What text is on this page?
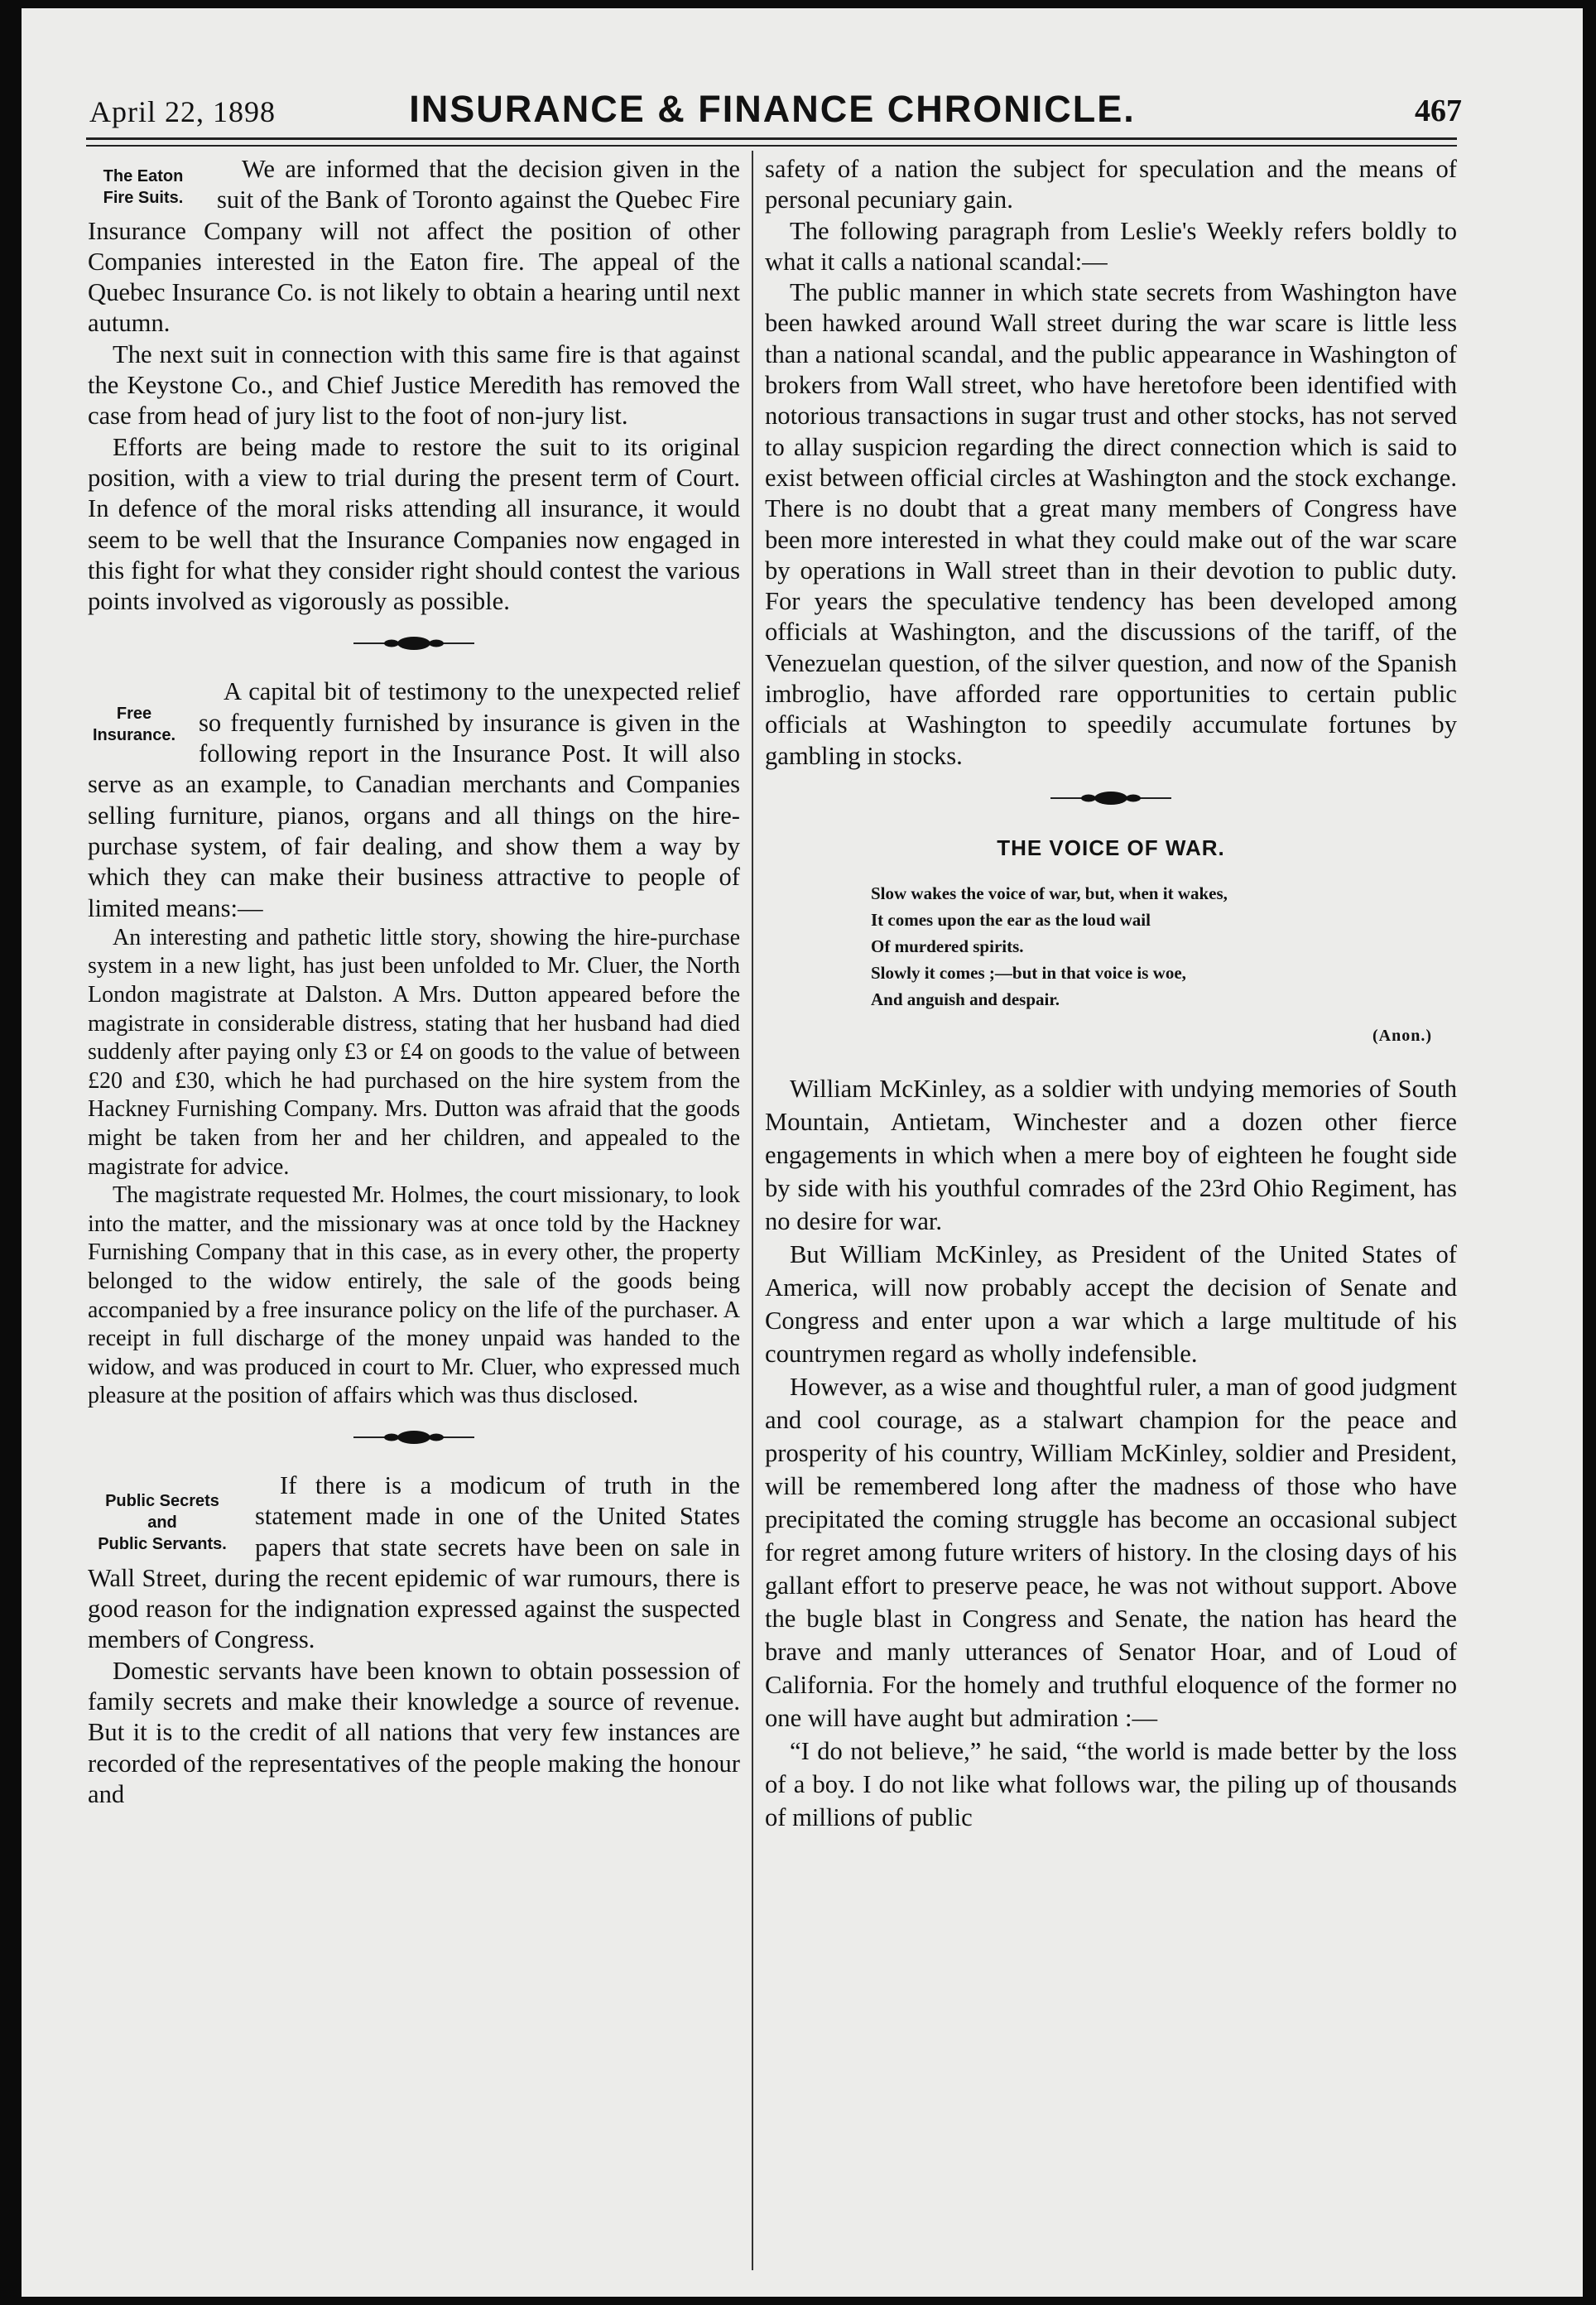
April 22, 1898	INSURANCE & FINANCE CHRONICLE.	467
The Eaton
Fire Suits.

We are informed that the decision given in the suit of the Bank of Toronto against the Quebec Fire Insurance Company will not affect the position of other Companies interested in the Eaton fire. The appeal of the Quebec Insurance Co. is not likely to obtain a hearing until next autumn.

The next suit in connection with this same fire is that against the Keystone Co., and Chief Justice Meredith has removed the case from head of jury list to the foot of non-jury list.

Efforts are being made to restore the suit to its original position, with a view to trial during the present term of Court. In defence of the moral risks attending all insurance, it would seem to be well that the Insurance Companies now engaged in this fight for what they consider right should contest the various points involved as vigorously as possible.

Free
Insurance.

A capital bit of testimony to the unexpected relief so frequently furnished by insurance is given in the following report in the Insurance Post. It will also serve as an example, to Canadian merchants and Companies selling furniture, pianos, organs and all things on the hire-purchase system, of fair dealing, and show them a way by which they can make their business attractive to people of limited means:—

An interesting and pathetic little story, showing the hire-purchase system in a new light, has just been unfolded to Mr. Cluer, the North London magistrate at Dalston. A Mrs. Dutton appeared before the magistrate in considerable distress, stating that her husband had died suddenly after paying only £3 or £4 on goods to the value of between £20 and £30, which he had purchased on the hire system from the Hackney Furnishing Company. Mrs. Dutton was afraid that the goods might be taken from her and her children, and appealed to the magistrate for advice.

The magistrate requested Mr. Holmes, the court missionary, to look into the matter, and the missionary was at once told by the Hackney Furnishing Company that in this case, as in every other, the property belonged to the widow entirely, the sale of the goods being accompanied by a free insurance policy on the life of the purchaser. A receipt in full discharge of the money unpaid was handed to the widow, and was produced in court to Mr. Cluer, who expressed much pleasure at the position of affairs which was thus disclosed.

Public Secrets
and
Public Servants.

If there is a modicum of truth in the statement made in one of the United States papers that state secrets have been on sale in Wall Street, during the recent epidemic of war rumours, there is good reason for the indignation expressed against the suspected members of Congress.

Domestic servants have been known to obtain possession of family secrets and make their knowledge a source of revenue. But it is to the credit of all nations that very few instances are recorded of the representatives of the people making the honour and

safety of a nation the subject for speculation and the means of personal pecuniary gain.

The following paragraph from Leslie's Weekly refers boldly to what it calls a national scandal:—

The public manner in which state secrets from Washington have been hawked around Wall street during the war scare is little less than a national scandal, and the public appearance in Washington of brokers from Wall street, who have heretofore been identified with notorious transactions in sugar trust and other stocks, has not served to allay suspicion regarding the direct connection which is said to exist between official circles at Washington and the stock exchange. There is no doubt that a great many members of Congress have been more interested in what they could make out of the war scare by operations in Wall street than in their devotion to public duty. For years the speculative tendency has been developed among officials at Washington, and the discussions of the tariff, of the Venezuelan question, of the silver question, and now of the Spanish imbroglio, have afforded rare opportunities to certain public officials at Washington to speedily accumulate fortunes by gambling in stocks.

THE VOICE OF WAR.
Slow wakes the voice of war, but, when it wakes,
It comes upon the ear as the loud wail
Of murdered spirits.
Slowly it comes ;—but in that voice is woe,
And anguish and despair.
(Anon.)

William McKinley, as a soldier with undying memories of South Mountain, Antietam, Winchester and a dozen other fierce engagements in which when a mere boy of eighteen he fought side by side with his youthful comrades of the 23rd Ohio Regiment, has no desire for war.

But William McKinley, as President of the United States of America, will now probably accept the decision of Senate and Congress and enter upon a war which a large multitude of his countrymen regard as wholly indefensible.

However, as a wise and thoughtful ruler, a man of good judgment and cool courage, as a stalwart champion for the peace and prosperity of his country, William McKinley, soldier and President, will be remembered long after the madness of those who have precipitated the coming struggle has become an occasional subject for regret among future writers of history. In the closing days of his gallant effort to preserve peace, he was not without support. Above the bugle blast in Congress and Senate, the nation has heard the brave and manly utterances of Senator Hoar, and of Loud of California. For the homely and truthful eloquence of the former no one will have aught but admiration :—

“I do not believe,” he said, “the world is made better by the loss of a boy. I do not like what follows war, the piling up of thousands of millions of public
